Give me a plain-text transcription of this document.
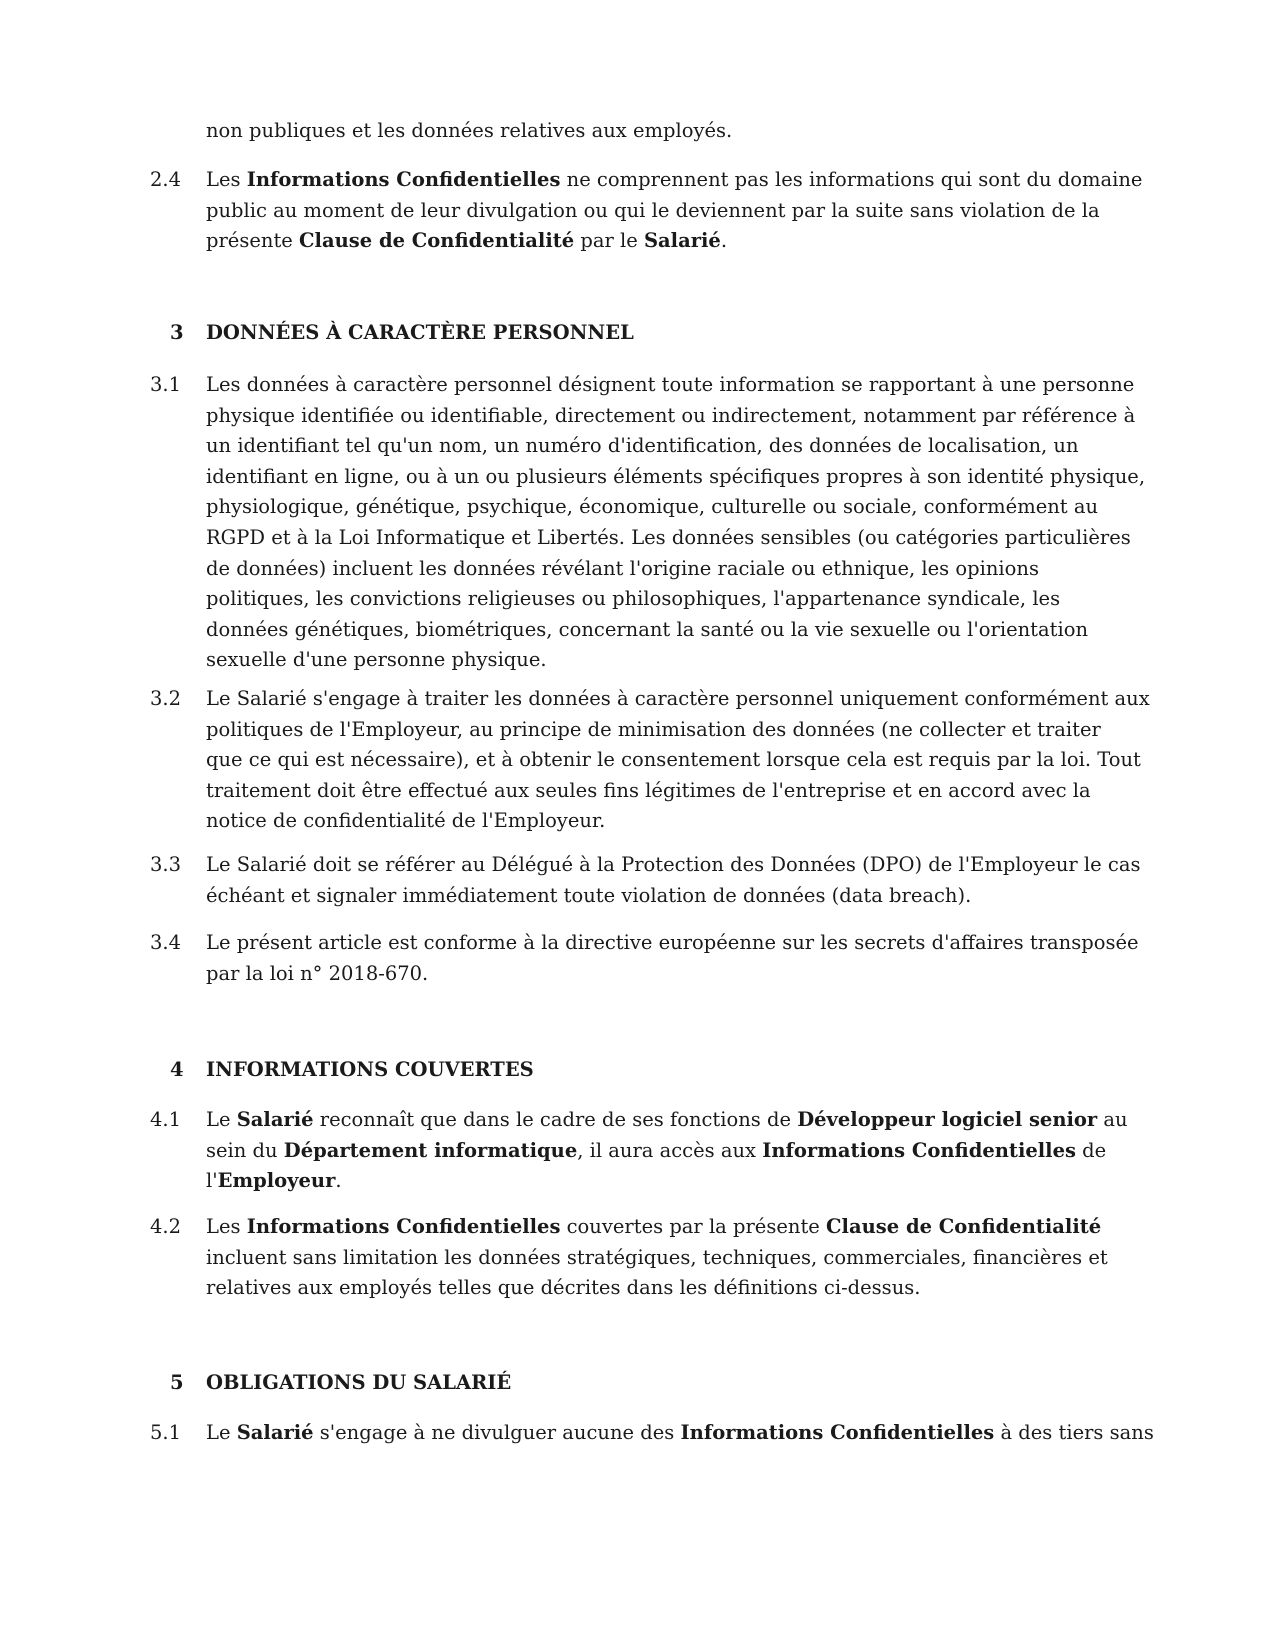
non publiques et les données relatives aux employés.
2.4	Les Informations Confidentielles ne comprennent pas les informations qui sont du domaine
public au moment de leur divulgation ou qui le deviennent par la suite sans violation de la
présente Clause de Confidentialité par le Salarié.
3	DONNÉES À CARACTÈRE PERSONNEL
3.1	Les données à caractère personnel désignent toute information se rapportant à une personne
physique identifiée ou identifiable, directement ou indirectement, notamment par référence à
un identifiant tel qu'un nom, un numéro d'identification, des données de localisation, un
identifiant en ligne, ou à un ou plusieurs éléments spécifiques propres à son identité physique,
physiologique, génétique, psychique, économique, culturelle ou sociale, conformément au
RGPD et à la Loi Informatique et Libertés. Les données sensibles (ou catégories particulières
de données) incluent les données révélant l'origine raciale ou ethnique, les opinions
politiques, les convictions religieuses ou philosophiques, l'appartenance syndicale, les
données génétiques, biométriques, concernant la santé ou la vie sexuelle ou l'orientation
sexuelle d'une personne physique.
3.2	Le Salarié s'engage à traiter les données à caractère personnel uniquement conformément aux
politiques de l'Employeur, au principe de minimisation des données (ne collecter et traiter
que ce qui est nécessaire), et à obtenir le consentement lorsque cela est requis par la loi. Tout
traitement doit être effectué aux seules fins légitimes de l'entreprise et en accord avec la
notice de confidentialité de l'Employeur.
3.3	Le Salarié doit se référer au Délégué à la Protection des Données (DPO) de l'Employeur le cas
échéant et signaler immédiatement toute violation de données (data breach).
3.4	Le présent article est conforme à la directive européenne sur les secrets d'affaires transposée
par la loi n° 2018-670.
4	INFORMATIONS COUVERTES
4.1	Le Salarié reconnaît que dans le cadre de ses fonctions de Développeur logiciel senior au
sein du Département informatique, il aura accès aux Informations Confidentielles de
l'Employeur.
4.2	Les Informations Confidentielles couvertes par la présente Clause de Confidentialité
incluent sans limitation les données stratégiques, techniques, commerciales, financières et
relatives aux employés telles que décrites dans les définitions ci-dessus.
5	OBLIGATIONS DU SALARIÉ
5.1	Le Salarié s'engage à ne divulguer aucune des Informations Confidentielles à des tiers sans
